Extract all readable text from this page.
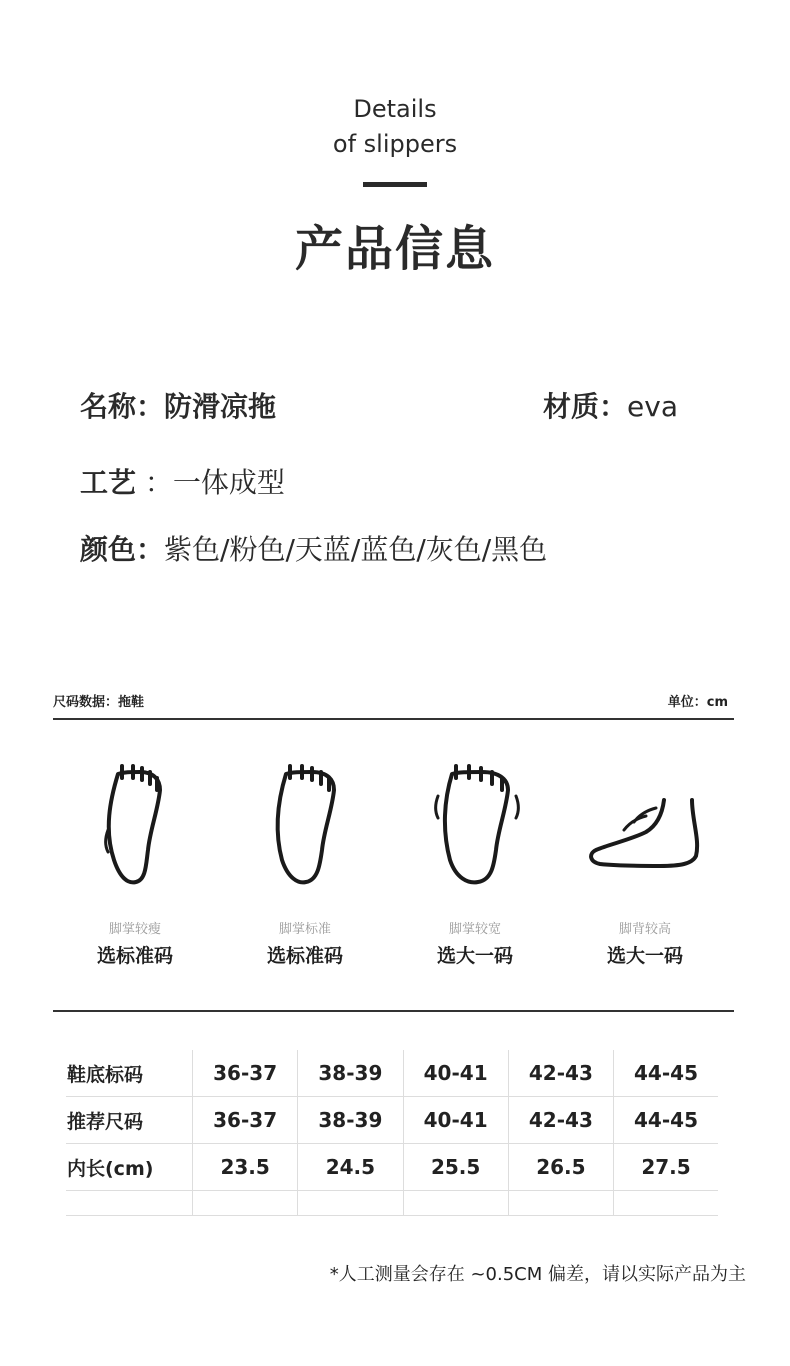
Details
of slippers
产品信息
名称：防滑凉拖	材质：eva
工艺 ：一体成型
颜色：紫色/粉色/天蓝/蓝色/灰色/黑色
尺码数据：拖鞋	单位：cm
脚掌较瘦
选标准码
脚掌标准
选标准码
脚掌较宽
选大一码
脚背较高
选大一码
鞋底标码	36-37	38-39	40-41	42-43	44-45
推荐尺码	36-37	38-39	40-41	42-43	44-45
内长(cm)	23.5	24.5	25.5	26.5	27.5

*人工测量会存在 ~0.5CM 偏差，请以实际产品为主
